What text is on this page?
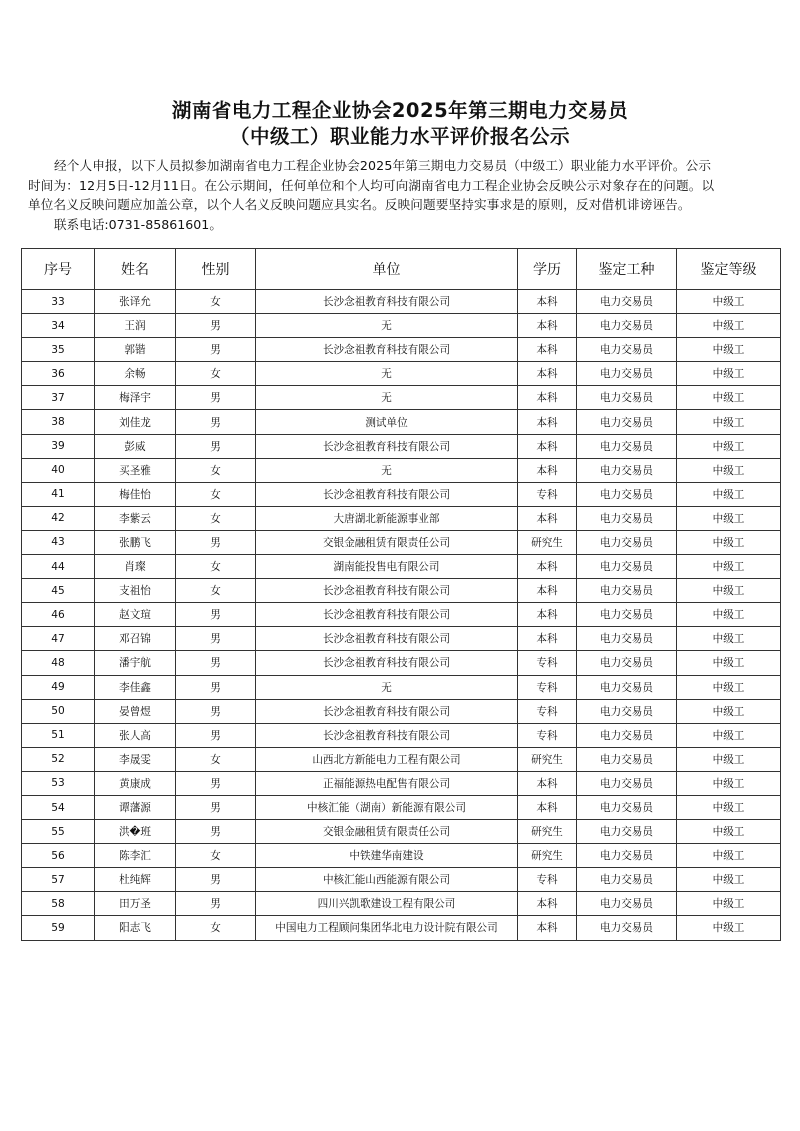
湖南省电力工程企业协会2025年第三期电力交易员
（中级工）职业能力水平评价报名公示

经个人申报，以下人员拟参加湖南省电力工程企业协会2025年第三期电力交易员（中级工）职业能力水平评价。公示

时间为：12月5日-12月11日。在公示期间，任何单位和个人均可向湖南省电力工程企业协会反映公示对象存在的问题。以

单位名义反映问题应加盖公章，以个人名义反映问题应具实名。反映问题要坚持实事求是的原则，反对借机诽谤诬告。

联系电话:0731-85861601。
序号	姓名	性别	单位	学历	鉴定工种	鉴定等级
33	张译允	女	长沙念祖教育科技有限公司	本科	电力交易员	中级工
34	王润	男	无	本科	电力交易员	中级工
35	郭锴	男	长沙念祖教育科技有限公司	本科	电力交易员	中级工
36	余畅	女	无	本科	电力交易员	中级工
37	梅泽宇	男	无	本科	电力交易员	中级工
38	刘佳龙	男	测试单位	本科	电力交易员	中级工
39	彭威	男	长沙念祖教育科技有限公司	本科	电力交易员	中级工
40	买圣雅	女	无	本科	电力交易员	中级工
41	梅佳怡	女	长沙念祖教育科技有限公司	专科	电力交易员	中级工
42	李紫云	女	大唐湖北新能源事业部	本科	电力交易员	中级工
43	张鹏飞	男	交银金融租赁有限责任公司	研究生	电力交易员	中级工
44	肖璨	女	湖南能投售电有限公司	本科	电力交易员	中级工
45	支祖怡	女	长沙念祖教育科技有限公司	本科	电力交易员	中级工
46	赵文瑄	男	长沙念祖教育科技有限公司	本科	电力交易员	中级工
47	邓召锦	男	长沙念祖教育科技有限公司	本科	电力交易员	中级工
48	潘宇航	男	长沙念祖教育科技有限公司	专科	电力交易员	中级工
49	李佳鑫	男	无	专科	电力交易员	中级工
50	晏曾煜	男	长沙念祖教育科技有限公司	专科	电力交易员	中级工
51	张人高	男	长沙念祖教育科技有限公司	专科	电力交易员	中级工
52	李晟雯	女	山西北方新能电力工程有限公司	研究生	电力交易员	中级工
53	黄康成	男	正福能源热电配售有限公司	本科	电力交易员	中级工
54	谭藩源	男	中核汇能（湖南）新能源有限公司	本科	电力交易员	中级工
55	洪�班	男	交银金融租赁有限责任公司	研究生	电力交易员	中级工
56	陈李汇	女	中铁建华南建设	研究生	电力交易员	中级工
57	杜纯辉	男	中核汇能山西能源有限公司	专科	电力交易员	中级工
58	田万圣	男	四川兴凯歌建设工程有限公司	本科	电力交易员	中级工
59	阳志飞	女	中国电力工程顾问集团华北电力设计院有限公司	本科	电力交易员	中级工
